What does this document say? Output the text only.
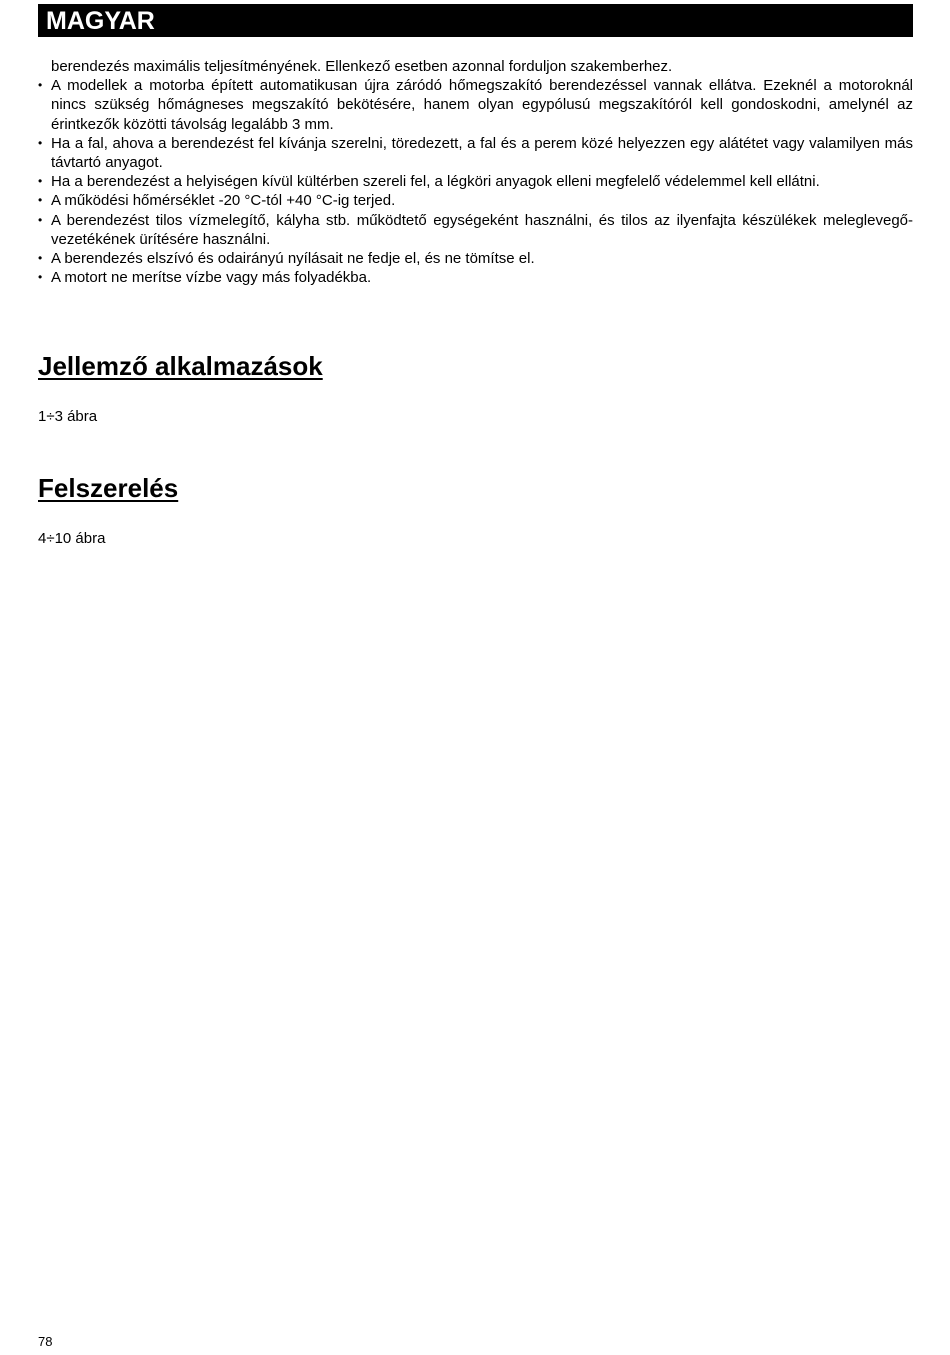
MAGYAR

berendezés maximális teljesítményének. Ellenkező esetben azonnal forduljon szakemberhez.

• A modellek a motorba épített automatikusan újra záródó hőmegszakító berendezéssel vannak ellátva. Ezeknél a motoroknál nincs szükség hőmágneses megszakító bekötésére, hanem olyan egypólusú megszakítóról kell gondoskodni, amelynél az érintkezők közötti távolság legalább 3 mm.
• Ha a fal, ahova a berendezést fel kívánja szerelni, töredezett, a fal és a perem közé helyezzen egy alátétet vagy valamilyen más távtartó anyagot.
• Ha a berendezést a helyiségen kívül kültérben szereli fel, a légköri anyagok elleni megfelelő védelemmel kell ellátni.
• A működési hőmérséklet -20 °C-tól +40 °C-ig terjed.
• A berendezést tilos vízmelegítő, kályha stb. működtető egységeként használni, és tilos az ilyenfajta készülékek meleglevegő-vezetékének ürítésére használni.
• A berendezés elszívó és odairányú nyílásait ne fedje el, és ne tömítse el.
• A motort ne merítse vízbe vagy más folyadékba.
Jellemző alkalmazások

1÷3 ábra

Felszerelés

4÷10 ábra

78
